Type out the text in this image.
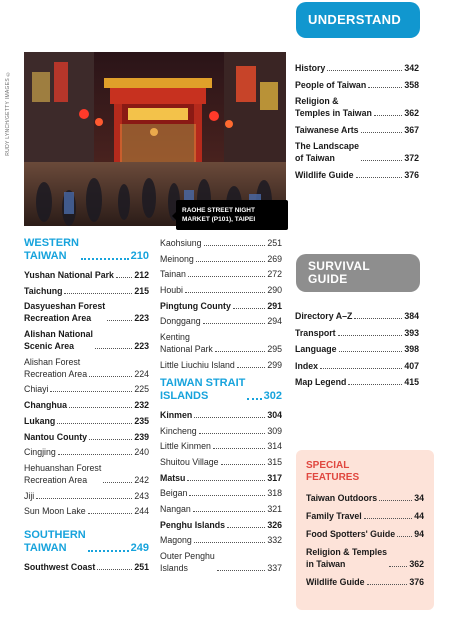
RUDY LYNCH/GETTY IMAGES ©
RAOHE STREET NIGHT
MARKET (P101), TAIPEI
WESTERN
TAIWAN	210
Yushan National Park 212
Taichung	215
Dasyueshan Forest
Recreation Area	223
Alishan National
Scenic Area	223
Alishan Forest
Recreation Area	224
Chiayi	225
Changhua	232
Lukang	235
Nantou County	239
Cingjing	240
Hehuanshan Forest
Recreation Area	242
Jiji	243
Sun Moon Lake	244
SOUTHERN
TAIWAN	249
Southwest Coast	251
Kaohsiung	251
Meinong	269
Tainan	272
Houbi	290
Pingtung County	291
Donggang	294
Kenting
National Park	295
Little Liuchiu Island	299
TAIWAN STRAIT
ISLANDS	302
Kinmen	304
Kincheng	309
Little Kinmen	314
Shuitou Village	315
Matsu	317
Beigan	318
Nangan	321
Penghu Islands	326
Magong	332
Outer Penghu
Islands	337
UNDERSTAND
History	342
People of Taiwan	358
Religion &
Temples in Taiwan	362
Taiwanese Arts	367
The Landscape
of Taiwan	372
Wildlife Guide	376
SURVIVAL
GUIDE
Directory A–Z	384
Transport	393
Language	398
Index	407
Map Legend	415
SPECIAL
FEATURES
Taiwan Outdoors	34
Family Travel	44
Food Spotters' Guide 94
Religion & Temples
in Taiwan	362
Wildlife Guide	376
